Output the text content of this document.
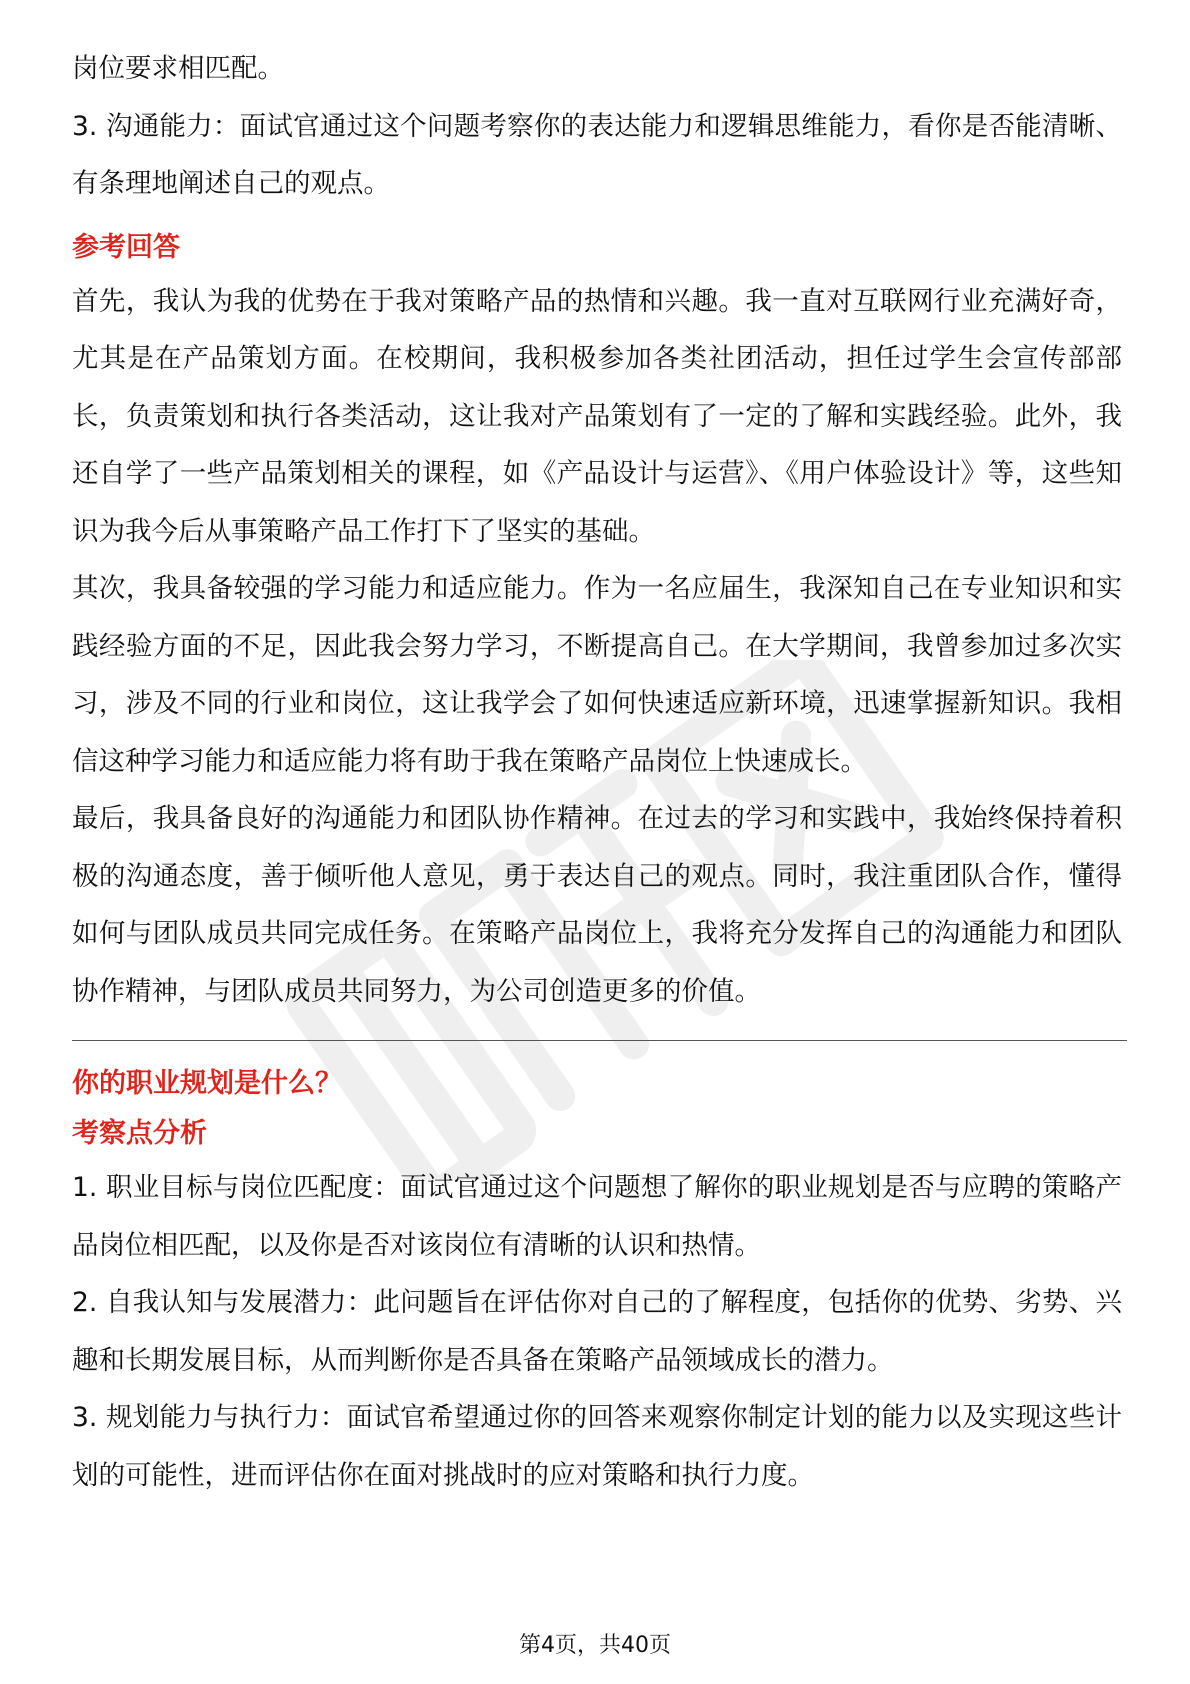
岗位要求相匹配。

3. 沟通能力：面试官通过这个问题考察你的表达能力和逻辑思维能力，看你是否能清晰、有条理地阐述自己的观点。

参考回答

首先，我认为我的优势在于我对策略产品的热情和兴趣。我一直对互联网行业充满好奇，尤其是在产品策划方面。在校期间，我积极参加各类社团活动，担任过学生会宣传部部长，负责策划和执行各类活动，这让我对产品策划有了一定的了解和实践经验。此外，我还自学了一些产品策划相关的课程，如《产品设计与运营》、《用户体验设计》等，这些知识为我今后从事策略产品工作打下了坚实的基础。

其次，我具备较强的学习能力和适应能力。作为一名应届生，我深知自己在专业知识和实践经验方面的不足，因此我会努力学习，不断提高自己。在大学期间，我曾参加过多次实习，涉及不同的行业和岗位，这让我学会了如何快速适应新环境，迅速掌握新知识。我相信这种学习能力和适应能力将有助于我在策略产品岗位上快速成长。

最后，我具备良好的沟通能力和团队协作精神。在过去的学习和实践中，我始终保持着积极的沟通态度，善于倾听他人意见，勇于表达自己的观点。同时，我注重团队合作，懂得如何与团队成员共同完成任务。在策略产品岗位上，我将充分发挥自己的沟通能力和团队协作精神，与团队成员共同努力，为公司创造更多的价值。

你的职业规划是什么？
考察点分析

1. 职业目标与岗位匹配度：面试官通过这个问题想了解你的职业规划是否与应聘的策略产品岗位相匹配，以及你是否对该岗位有清晰的认识和热情。

2. 自我认知与发展潜力：此问题旨在评估你对自己的了解程度，包括你的优势、劣势、兴趣和长期发展目标，从而判断你是否具备在策略产品领域成长的潜力。

3. 规划能力与执行力：面试官希望通过你的回答来观察你制定计划的能力以及实现这些计划的可能性，进而评估你在面对挑战时的应对策略和执行力度。

第4页，共40页
